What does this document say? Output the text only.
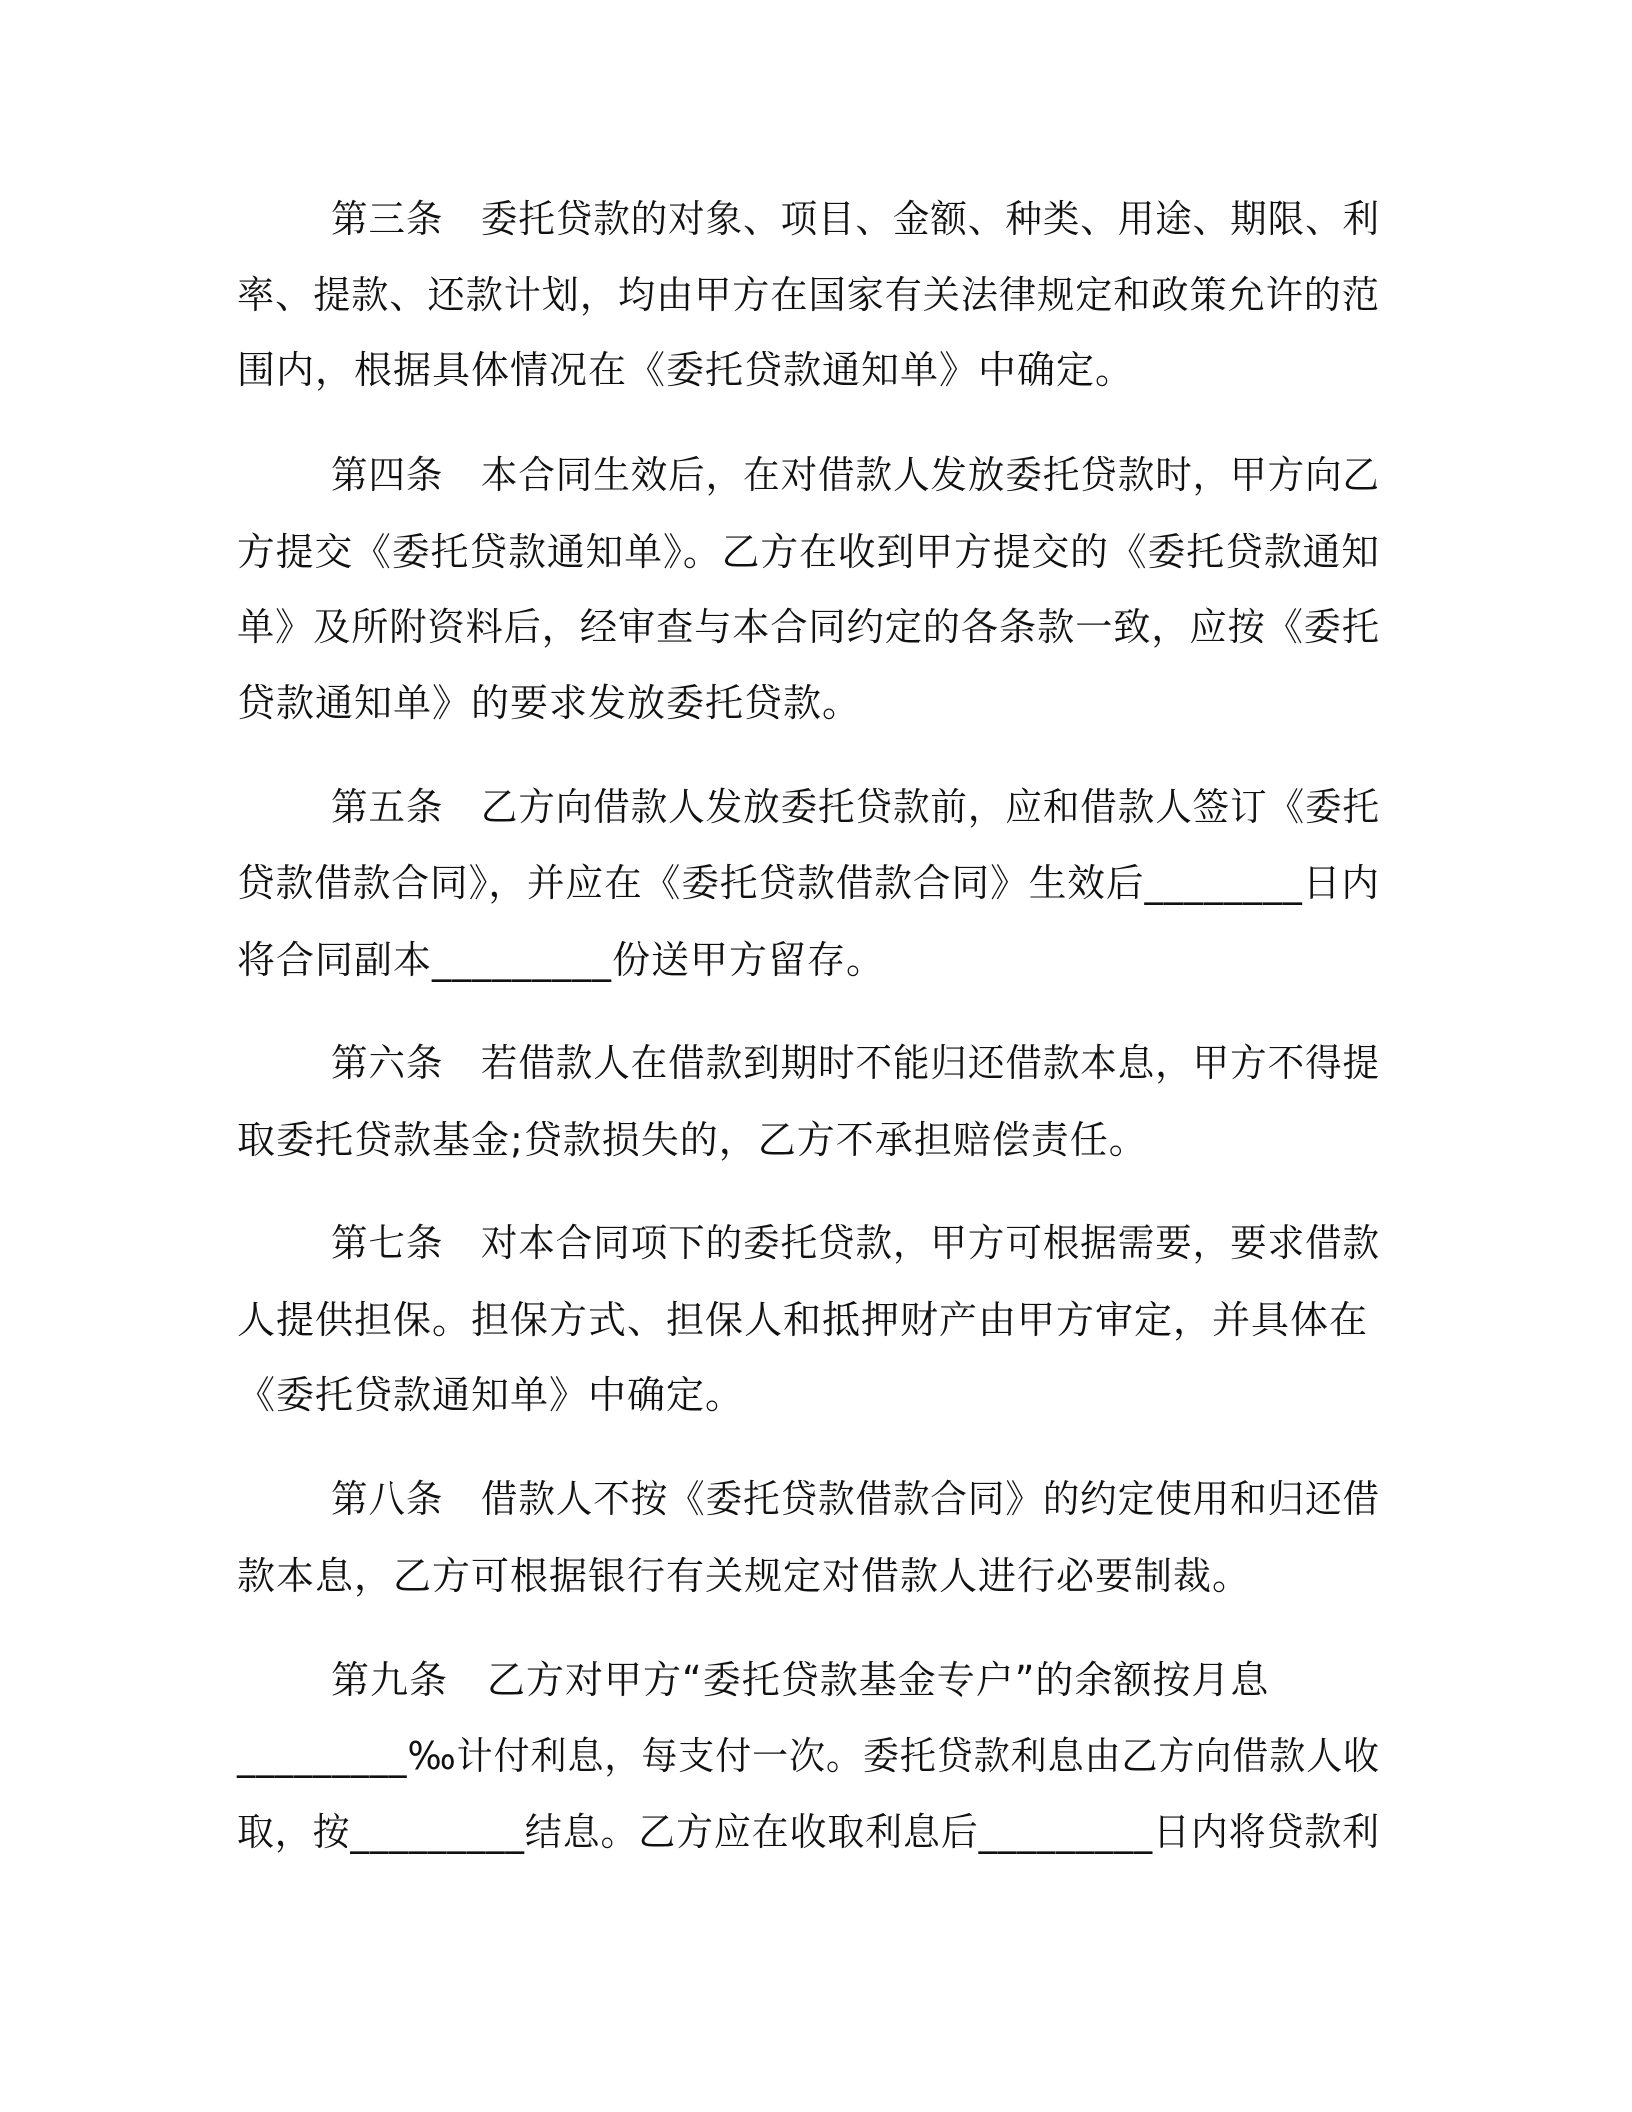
第三条　委托贷款的对象、项目、金额、种类、用途、期限、利
率、提款、还款计划，均由甲方在国家有关法律规定和政策允许的范
围内，根据具体情况在《委托贷款通知单》中确定。
第四条　本合同生效后，在对借款人发放委托贷款时，甲方向乙
方提交《委托贷款通知单》。乙方在收到甲方提交的《委托贷款通知
单》及所附资料后，经审查与本合同约定的各条款一致，应按《委托
贷款通知单》的要求发放委托贷款。
第五条　乙方向借款人发放委托贷款前，应和借款人签订《委托
贷款借款合同》，并应在《委托贷款借款合同》生效后________日内
将合同副本_________份送甲方留存。
第六条　若借款人在借款到期时不能归还借款本息，甲方不得提
取委托贷款基金;贷款损失的，乙方不承担赔偿责任。
第七条　对本合同项下的委托贷款，甲方可根据需要，要求借款
人提供担保。担保方式、担保人和抵押财产由甲方审定，并具体在
《委托贷款通知单》中确定。
第八条　借款人不按《委托贷款借款合同》的约定使用和归还借
款本息，乙方可根据银行有关规定对借款人进行必要制裁。
第九条　乙方对甲方“委托贷款基金专户”的余额按月息
_________‰计付利息，每支付一次。委托贷款利息由乙方向借款人收
取，按_________结息。乙方应在收取利息后_________日内将贷款利
